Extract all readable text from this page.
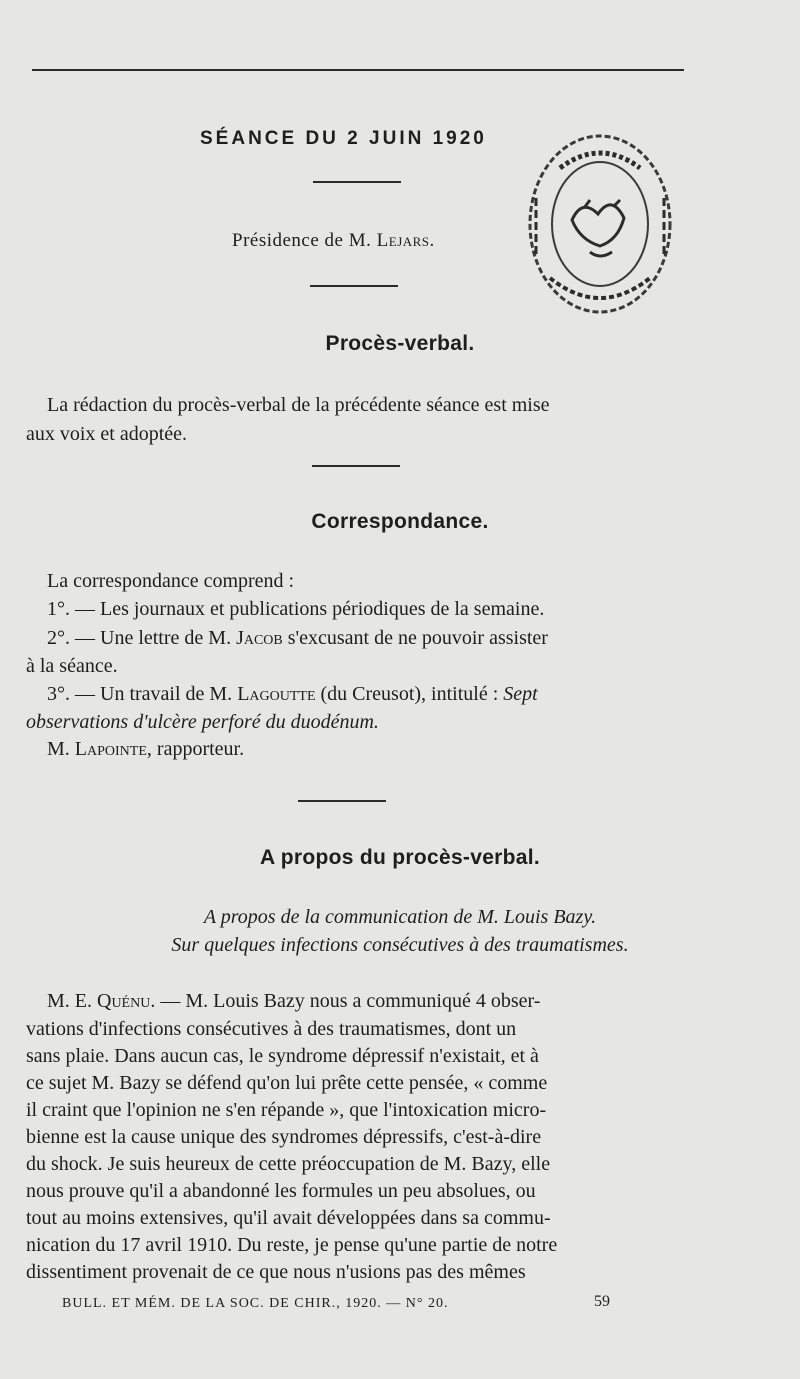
SÉANCE DU 2 JUIN 1920
Présidence de M. Lejars.
Procès-verbal.
La rédaction du procès-verbal de la précédente séance est mise
aux voix et adoptée.
Correspondance.
La correspondance comprend :
1°. — Les journaux et publications périodiques de la semaine.
2°. — Une lettre de M. Jacob s'excusant de ne pouvoir assister
à la séance.
3°. — Un travail de M. Lagoutte (du Creusot), intitulé : Sept
observations d'ulcère perforé du duodénum.
M. Lapointe, rapporteur.
A propos du procès-verbal.
A propos de la communication de M. Louis Bazy.
Sur quelques infections consécutives à des traumatismes.
M. E. Quénu. — M. Louis Bazy nous a communiqué 4 obser-
vations d'infections consécutives à des traumatismes, dont un
sans plaie. Dans aucun cas, le syndrome dépressif n'existait, et à
ce sujet M. Bazy se défend qu'on lui prête cette pensée, « comme
il craint que l'opinion ne s'en répande », que l'intoxication micro-
bienne est la cause unique des syndromes dépressifs, c'est-à-dire
du shock. Je suis heureux de cette préoccupation de M. Bazy, elle
nous prouve qu'il a abandonné les formules un peu absolues, ou
tout au moins extensives, qu'il avait développées dans sa commu-
nication du 17 avril 1910. Du reste, je pense qu'une partie de notre
dissentiment provenait de ce que nous n'usions pas des mêmes
BULL. ET MÉM. DE LA SOC. DE CHIR., 1920. — N° 20.	59
